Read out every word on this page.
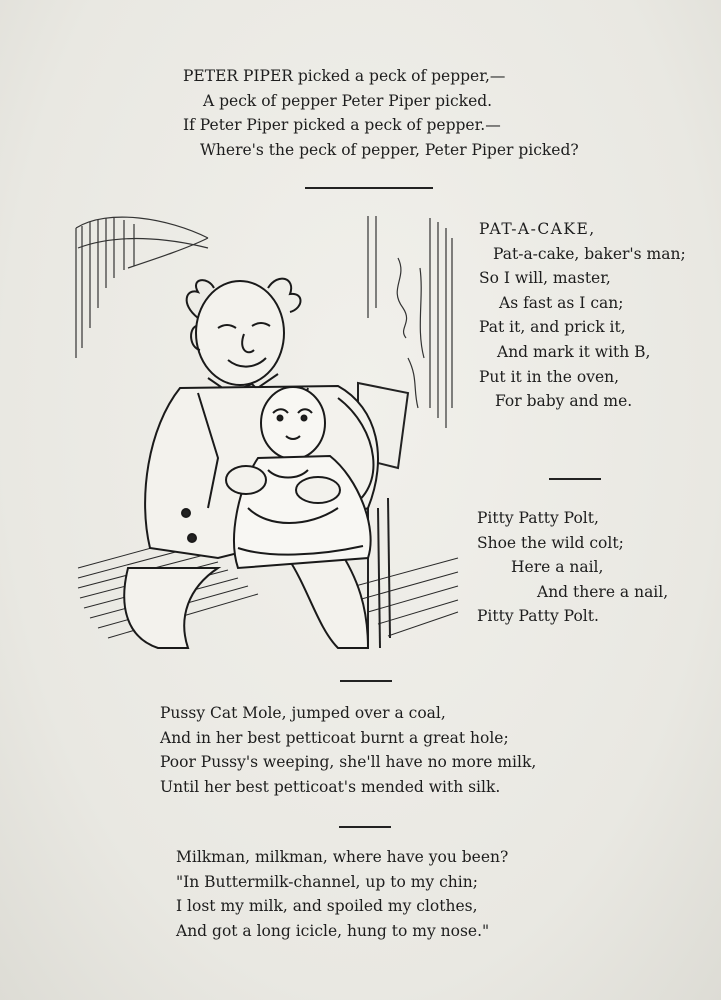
PETER PIPER picked a peck of pepper,—
A peck of pepper Peter Piper picked.
If Peter Piper picked a peck of pepper.—
Where's the peck of pepper, Peter Piper picked?
PAT-A-CAKE,
Pat-a-cake, baker's man;
So I will, master,
As fast as I can;
Pat it, and prick it,
And mark it with B,
Put it in the oven,
For baby and me.
Pitty Patty Polt,
Shoe the wild colt;
Here a nail,
And there a nail,
Pitty Patty Polt.
Pussy Cat Mole, jumped over a coal,
And in her best petticoat burnt a great hole;
Poor Pussy's weeping, she'll have no more milk,
Until her best petticoat's mended with silk.
Milkman, milkman, where have you been?
"In Buttermilk-channel, up to my chin;
I lost my milk, and spoiled my clothes,
And got a long icicle, hung to my nose."
